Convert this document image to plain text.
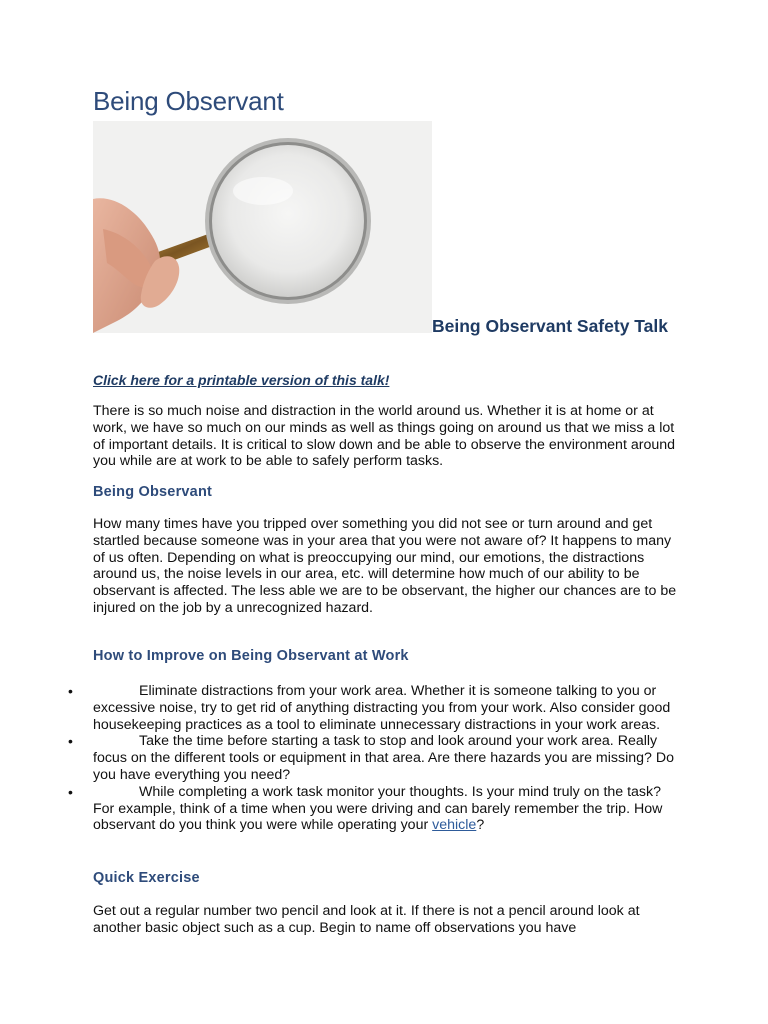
Being Observant
Being Observant Safety Talk
Click here for a printable version of this talk!

There is so much noise and distraction in the world around us. Whether it is at home or at work, we have so much on our minds as well as things going on around us that we miss a lot of important details. It is critical to slow down and be able to observe the environment around you while are at work to be able to safely perform tasks.

Being Observant

How many times have you tripped over something you did not see or turn around and get startled because someone was in your area that you were not aware of? It happens to many of us often. Depending on what is preoccupying our mind, our emotions, the distractions around us, the noise levels in our area, etc. will determine how much of our ability to be observant is affected. The less able we are to be observant, the higher our chances are to be injured on the job by a unrecognized hazard.

How to Improve on Being Observant at Work
•	Eliminate distractions from your work area. Whether it is someone talking to you or excessive noise, try to get rid of anything distracting you from your work. Also consider good housekeeping practices as a tool to eliminate unnecessary distractions in your work areas.
•	Take the time before starting a task to stop and look around your work area. Really focus on the different tools or equipment in that area. Are there hazards you are missing? Do you have everything you need?
•	While completing a work task monitor your thoughts. Is your mind truly on the task? For example, think of a time when you were driving and can barely remember the trip. How observant do you think you were while operating your vehicle?
Quick Exercise

Get out a regular number two pencil and look at it. If there is not a pencil around look at another basic object such as a cup. Begin to name off observations you have
